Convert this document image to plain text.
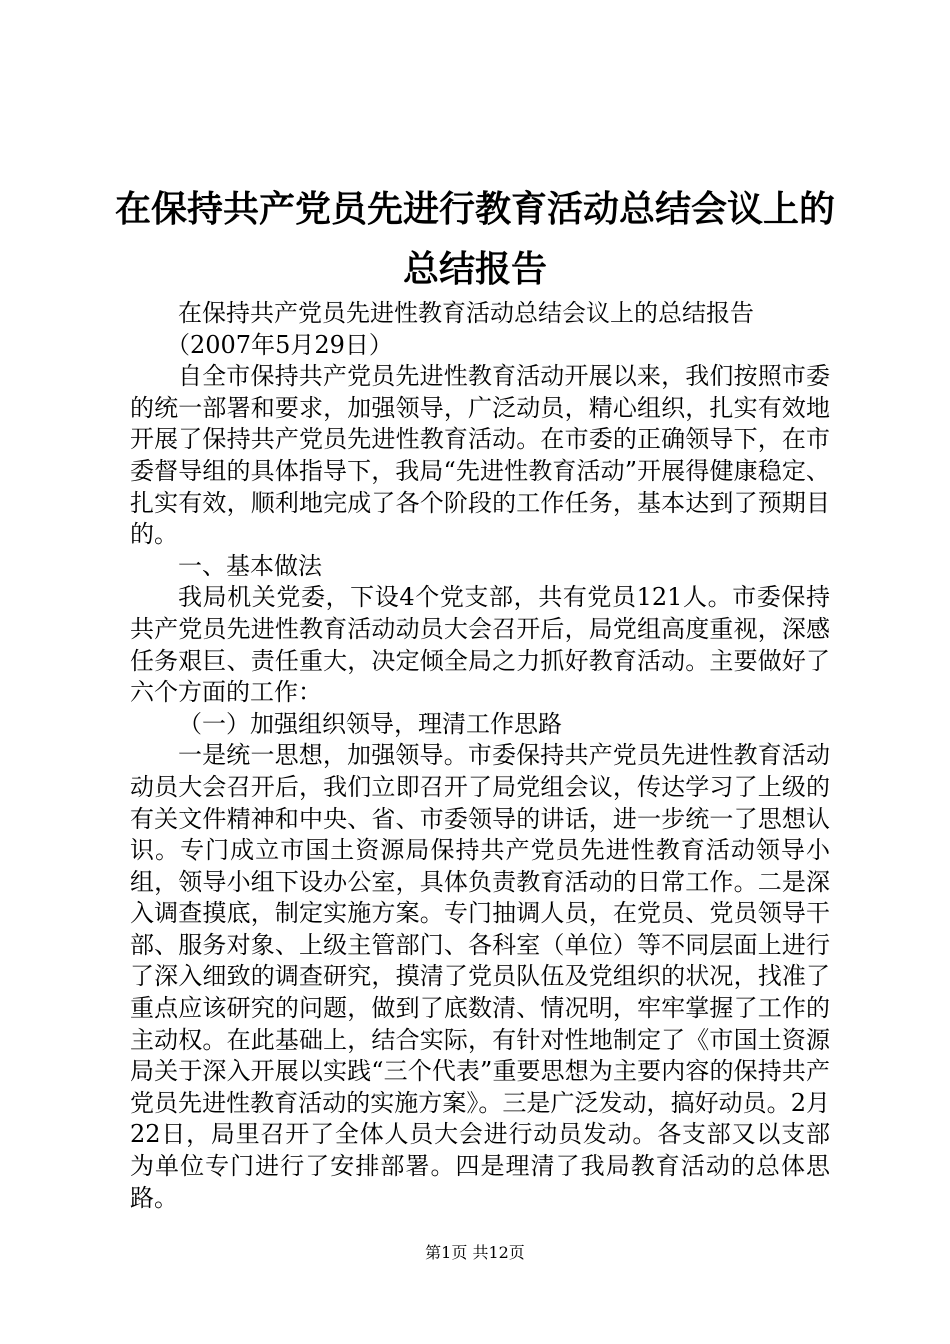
在保持共产党员先进行教育活动总结会议上的
总结报告

在保持共产党员先进性教育活动总结会议上的总结报告

（2007年5月29日）

自全市保持共产党员先进性教育活动开展以来，我们按照市委的统一部署和要求，加强领导，广泛动员，精心组织，扎实有效地开展了保持共产党员先进性教育活动。在市委的正确领导下，在市委督导组的具体指导下，我局“先进性教育活动”开展得健康稳定、扎实有效，顺利地完成了各个阶段的工作任务，基本达到了预期目的。

一、基本做法

我局机关党委，下设4个党支部，共有党员121人。市委保持共产党员先进性教育活动动员大会召开后，局党组高度重视，深感任务艰巨、责任重大，决定倾全局之力抓好教育活动。主要做好了六个方面的工作：

（一）加强组织领导，理清工作思路

一是统一思想，加强领导。市委保持共产党员先进性教育活动动员大会召开后，我们立即召开了局党组会议，传达学习了上级的有关文件精神和中央、省、市委领导的讲话，进一步统一了思想认识。专门成立市国土资源局保持共产党员先进性教育活动领导小组，领导小组下设办公室，具体负责教育活动的日常工作。二是深入调查摸底，制定实施方案。专门抽调人员，在党员、党员领导干部、服务对象、上级主管部门、各科室（单位）等不同层面上进行了深入细致的调查研究，摸清了党员队伍及党组织的状况，找准了重点应该研究的问题，做到了底数清、情况明，牢牢掌握了工作的主动权。在此基础上，结合实际，有针对性地制定了《市国土资源局关于深入开展以实践“三个代表”重要思想为主要内容的保持共产党员先进性教育活动的实施方案》。三是广泛发动，搞好动员。2月22日，局里召开了全体人员大会进行动员发动。各支部又以支部为单位专门进行了安排部署。四是理清了我局教育活动的总体思路。

第1页 共12页
